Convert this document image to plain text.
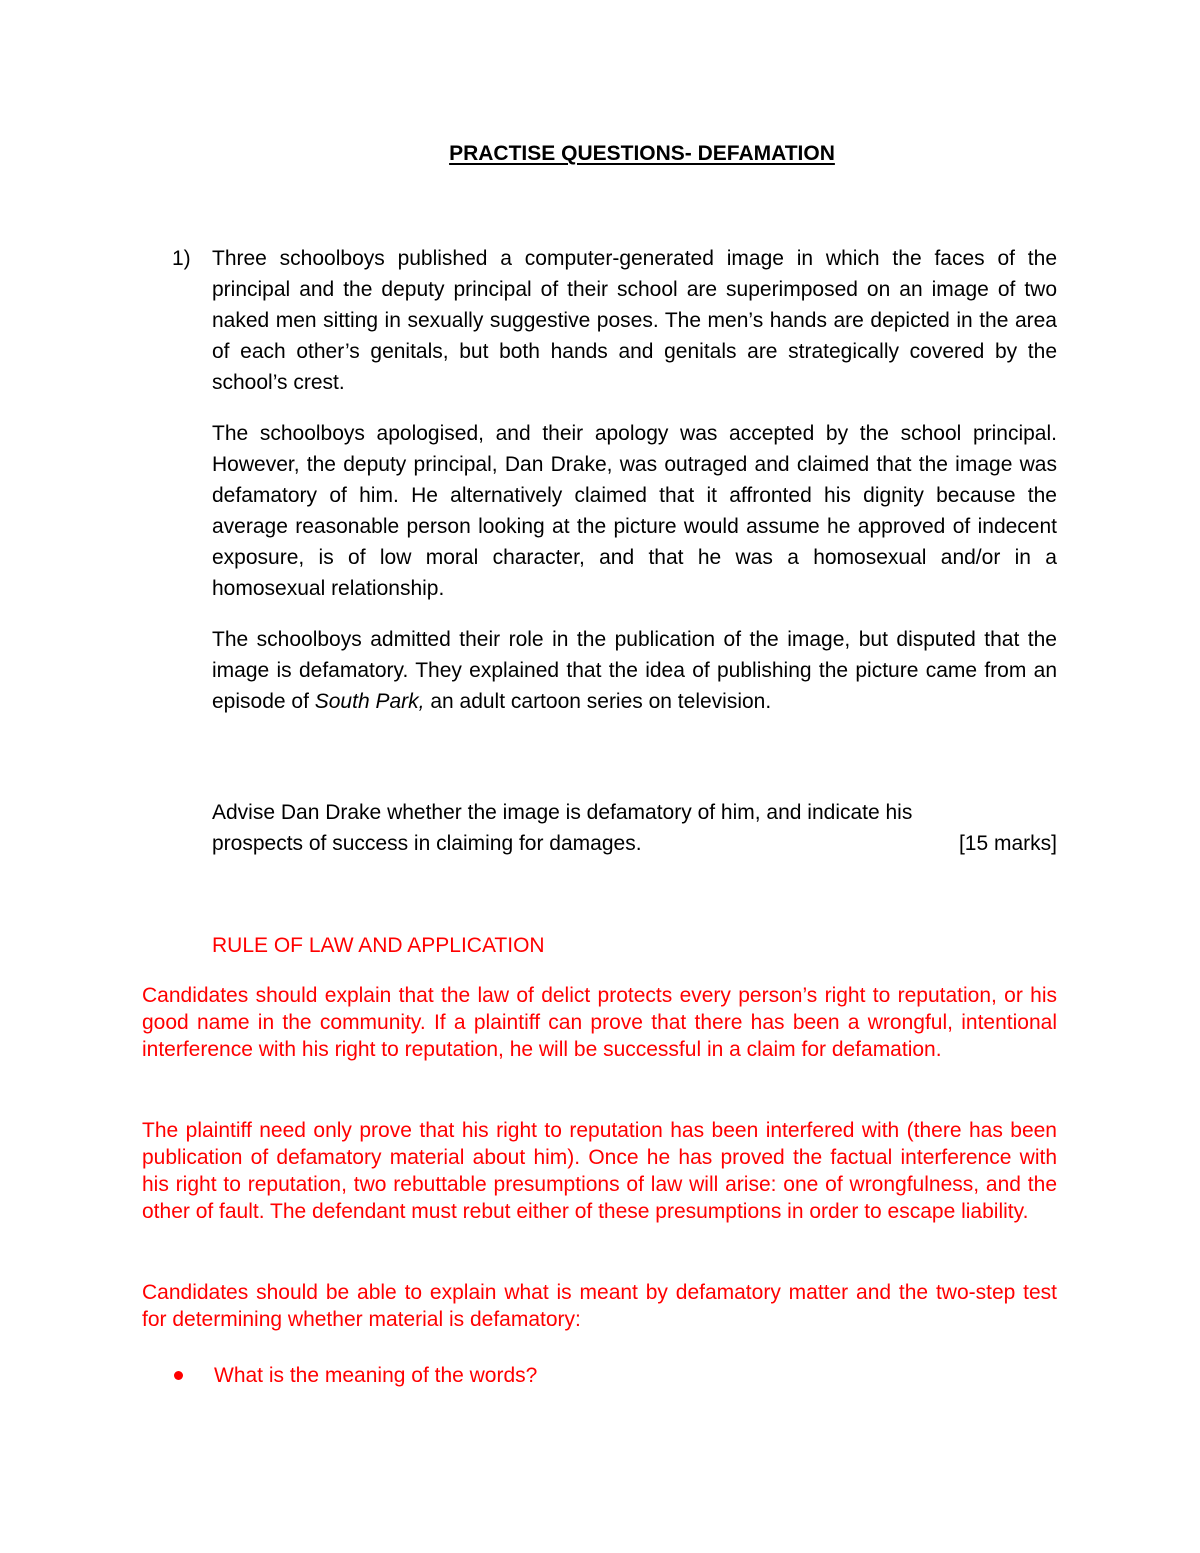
PRACTISE QUESTIONS- DEFAMATION
1) Three schoolboys published a computer-generated image in which the faces of the principal and the deputy principal of their school are superimposed on an image of two naked men sitting in sexually suggestive poses. The men’s hands are depicted in the area of each other’s genitals, but both hands and genitals are strategically covered by the school’s crest.

The schoolboys apologised, and their apology was accepted by the school principal. However, the deputy principal, Dan Drake, was outraged and claimed that the image was defamatory of him. He alternatively claimed that it affronted his dignity because the average reasonable person looking at the picture would assume he approved of indecent exposure, is of low moral character, and that he was a homosexual and/or in a homosexual relationship.

The schoolboys admitted their role in the publication of the image, but disputed that the image is defamatory. They explained that the idea of publishing the picture came from an episode of South Park, an adult cartoon series on television.

Advise Dan Drake whether the image is defamatory of him, and indicate his
prospects of success in claiming for damages.	[15 marks]
RULE OF LAW AND APPLICATION

Candidates should explain that the law of delict protects every person’s right to reputation, or his good name in the community. If a plaintiff can prove that there has been a wrongful, intentional interference with his right to reputation, he will be successful in a claim for defamation.

The plaintiff need only prove that his right to reputation has been interfered with (there has been publication of defamatory material about him). Once he has proved the factual interference with his right to reputation, two rebuttable presumptions of law will arise: one of wrongfulness, and the other of fault. The defendant must rebut either of these presumptions in order to escape liability.

Candidates should be able to explain what is meant by defamatory matter and the two-step test for determining whether material is defamatory:

What is the meaning of the words?
